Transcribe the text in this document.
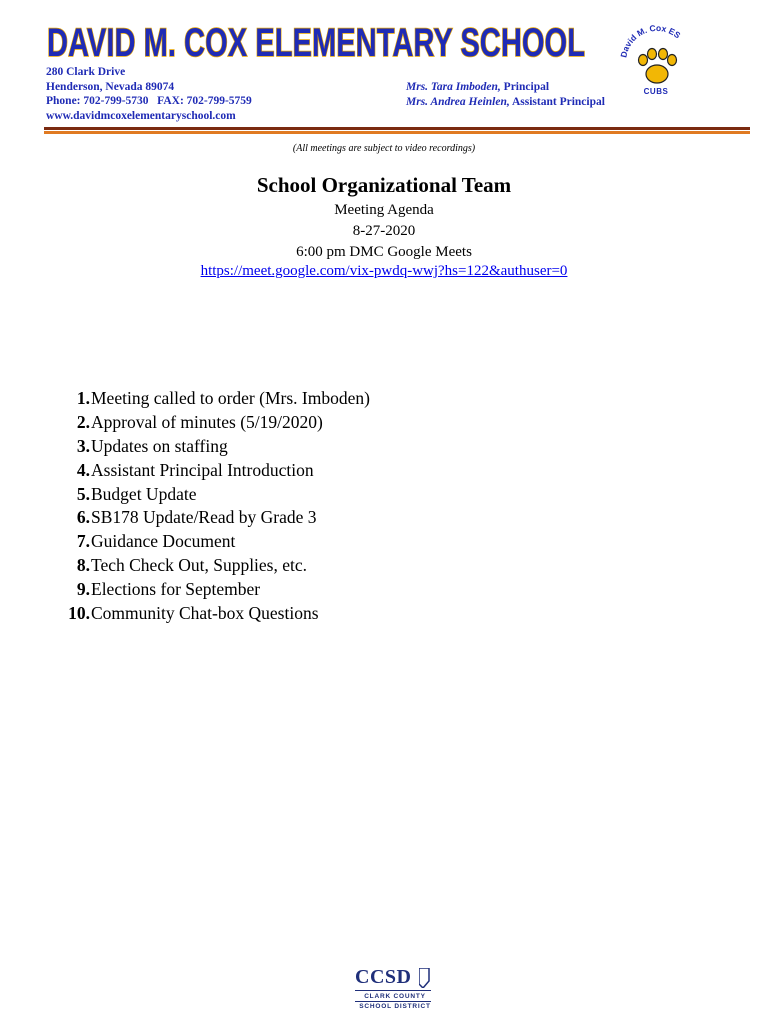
DAVID M. COX ELEMENTARY SCHOOL
280 Clark Drive
Henderson, Nevada 89074
Phone: 702-799-5730   FAX: 702-799-5759
www.davidmcoxelementaryschool.com
Mrs. Tara Imboden, Principal
Mrs. Andrea Heinlen, Assistant Principal
David M. Cox ES
CUBS
(All meetings are subject to video recordings)
School Organizational Team
Meeting Agenda
8-27-2020
6:00 pm DMC Google Meets
https://meet.google.com/vix-pwdq-wwj?hs=122&authuser=0
1. Meeting called to order (Mrs. Imboden)
2. Approval of minutes (5/19/2020)
3. Updates on staffing
4. Assistant Principal Introduction
5. Budget Update
6. SB178 Update/Read by Grade 3
7. Guidance Document
8. Tech Check Out, Supplies, etc.
9. Elections for September
10. Community Chat-box Questions
CCSD
CLARK COUNTY
SCHOOL DISTRICT
